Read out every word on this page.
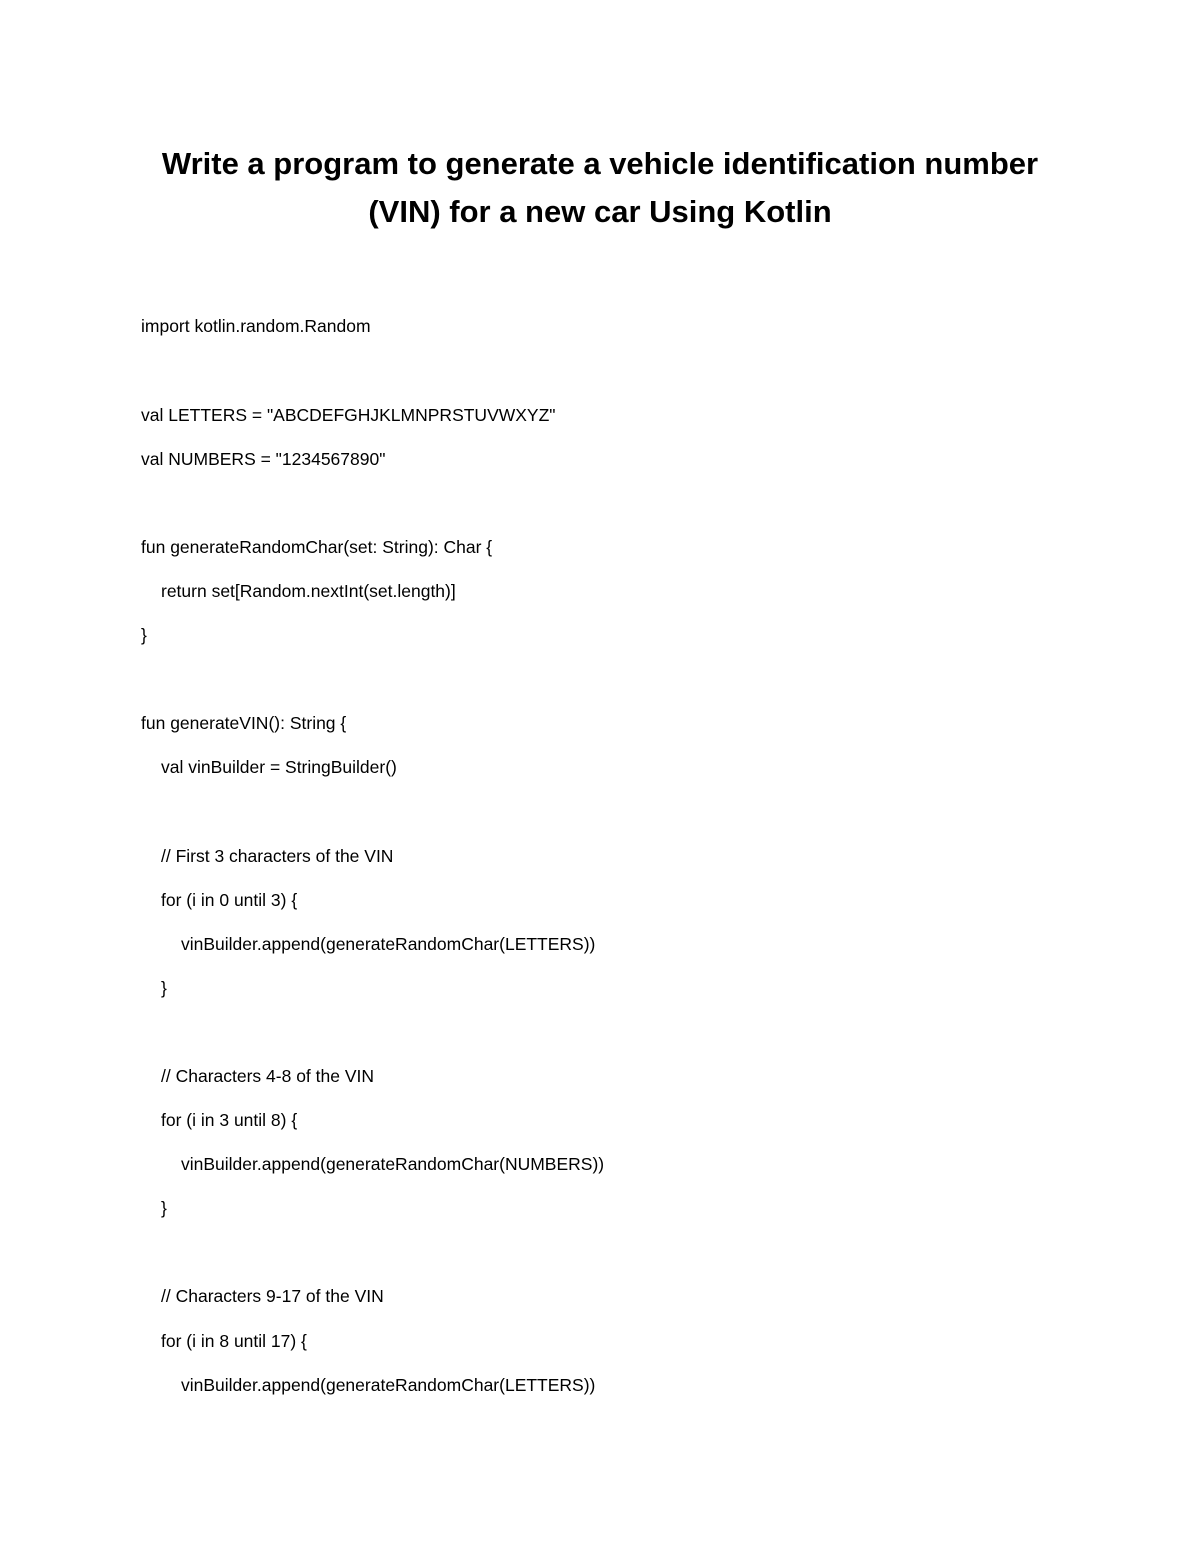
Write a program to generate a vehicle identification number
(VIN) for a new car Using Kotlin
import kotlin.random.Random
val LETTERS = "ABCDEFGHJKLMNPRSTUVWXYZ"
val NUMBERS = "1234567890"
fun generateRandomChar(set: String): Char {
return set[Random.nextInt(set.length)]
}
fun generateVIN(): String {
val vinBuilder = StringBuilder()
// First 3 characters of the VIN
for (i in 0 until 3) {
vinBuilder.append(generateRandomChar(LETTERS))
}
// Characters 4-8 of the VIN
for (i in 3 until 8) {
vinBuilder.append(generateRandomChar(NUMBERS))
}
// Characters 9-17 of the VIN
for (i in 8 until 17) {
vinBuilder.append(generateRandomChar(LETTERS))
